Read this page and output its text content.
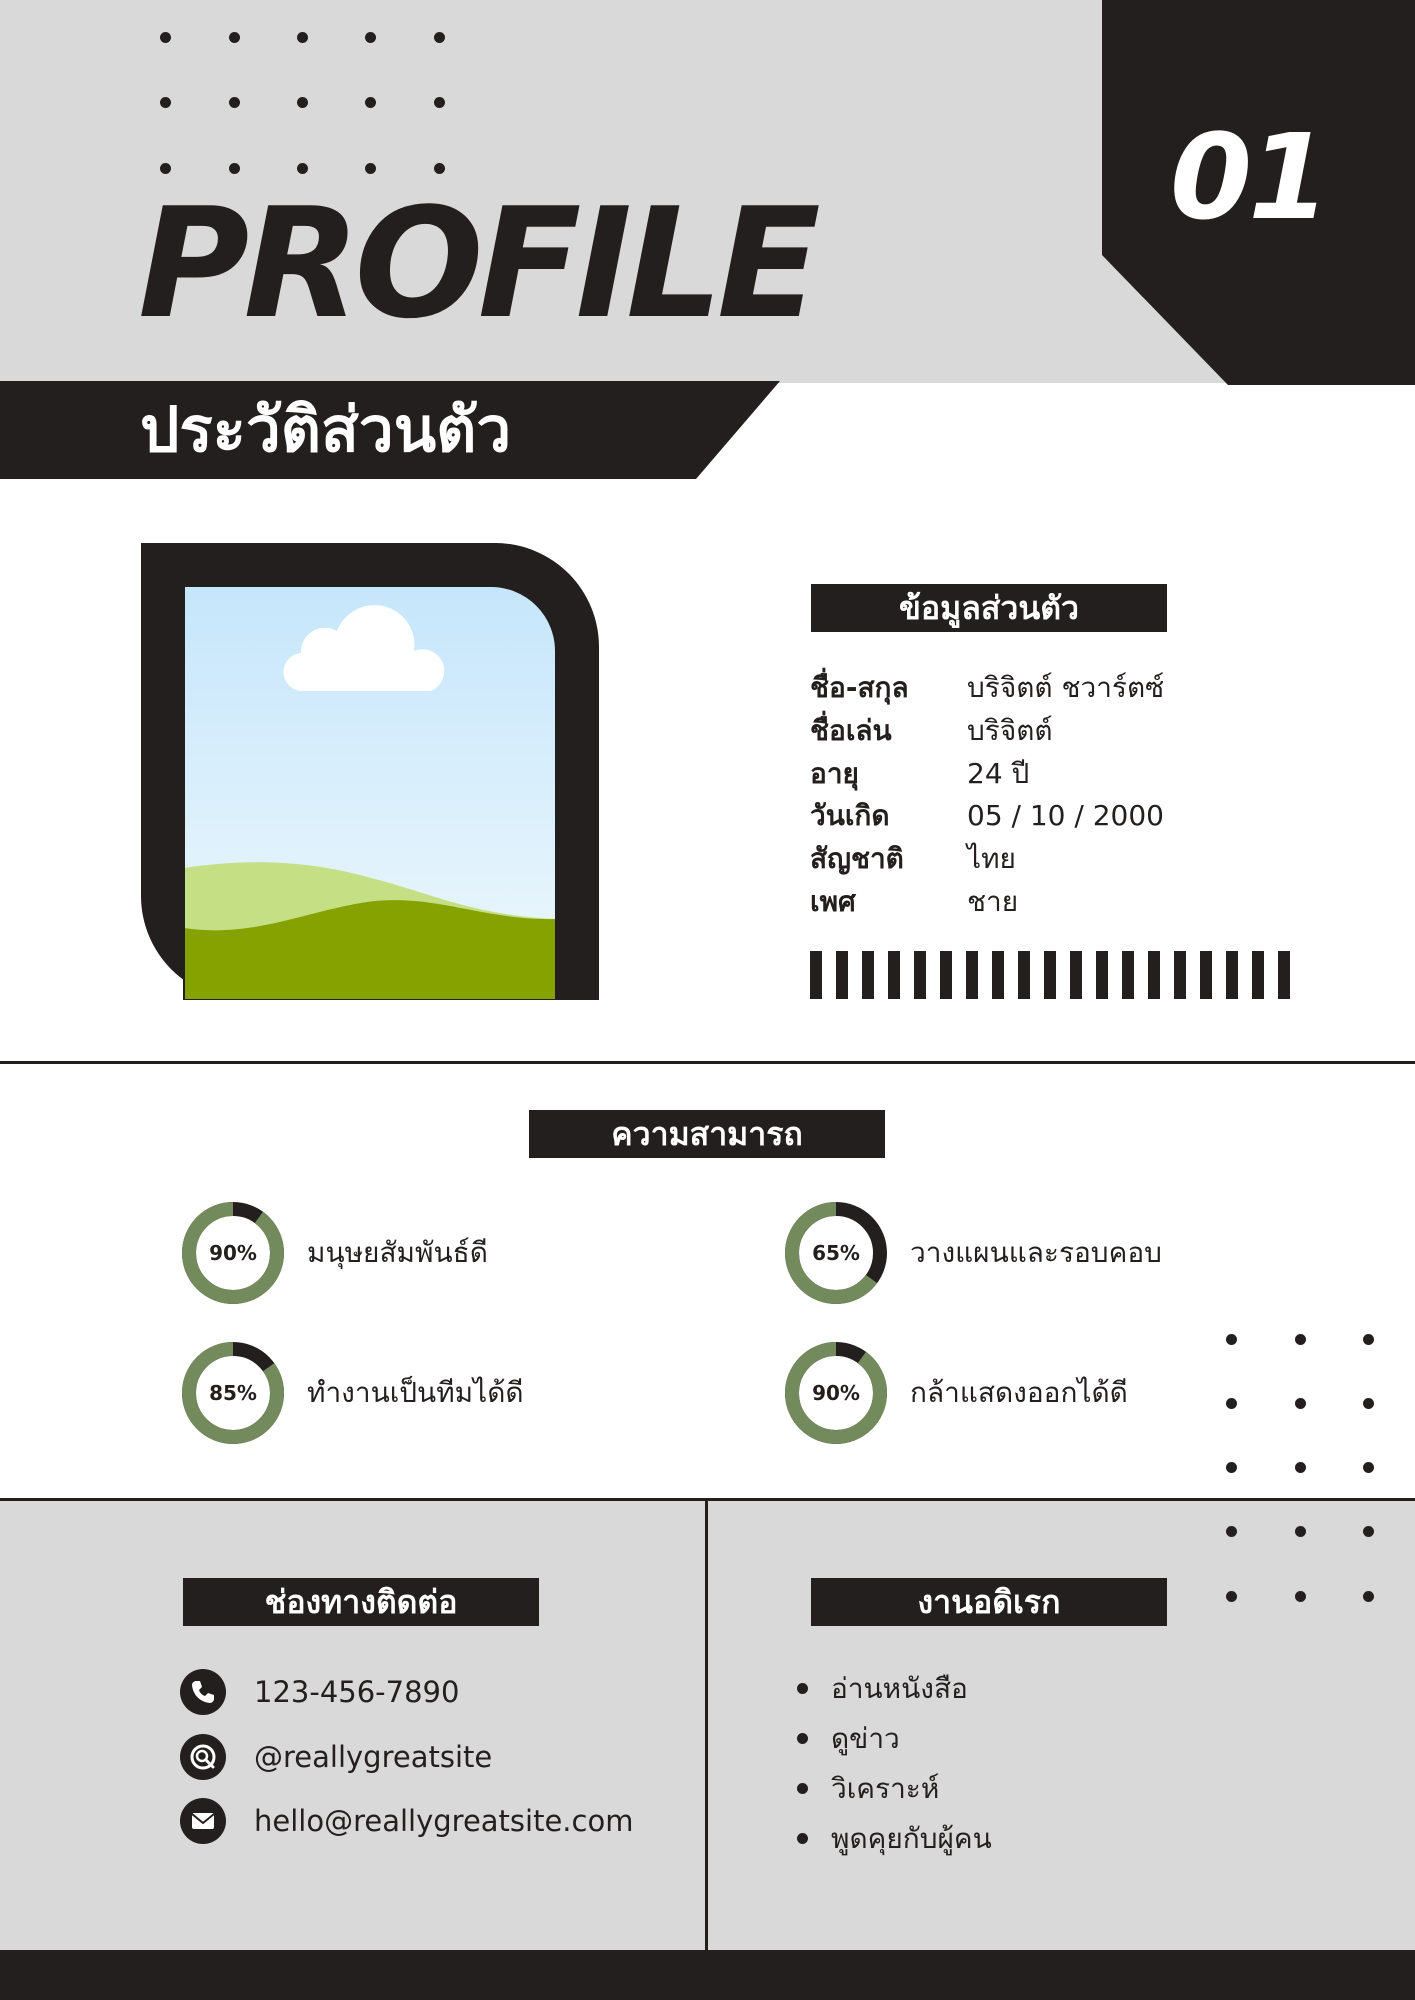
01
PROFILE
ประวัติส่วนตัว
ข้อมูลส่วนตัว
ชื่อ-สกุล บริจิตต์ ชวาร์ตซ์
ชื่อเล่น	บริจิตต์
อายุ	24 ปี
วันเกิด	05 / 10 / 2000
สัญชาติ ไทย
เพศ	ชาย
ความสามารถ
90%	มนุษยสัมพันธ์ดี	65%	วางแผนและรอบคอบ
85%	ทำงานเป็นทีมได้ดี	90%	กล้าแสดงออกได้ดี
ช่องทางติดต่อ
123-456-7890
@reallygreatsite
hello@reallygreatsite.com
งานอดิเรก
อ่านหนังสือ
ดูข่าว
วิเคราะห์
พูดคุยกับผู้คน
